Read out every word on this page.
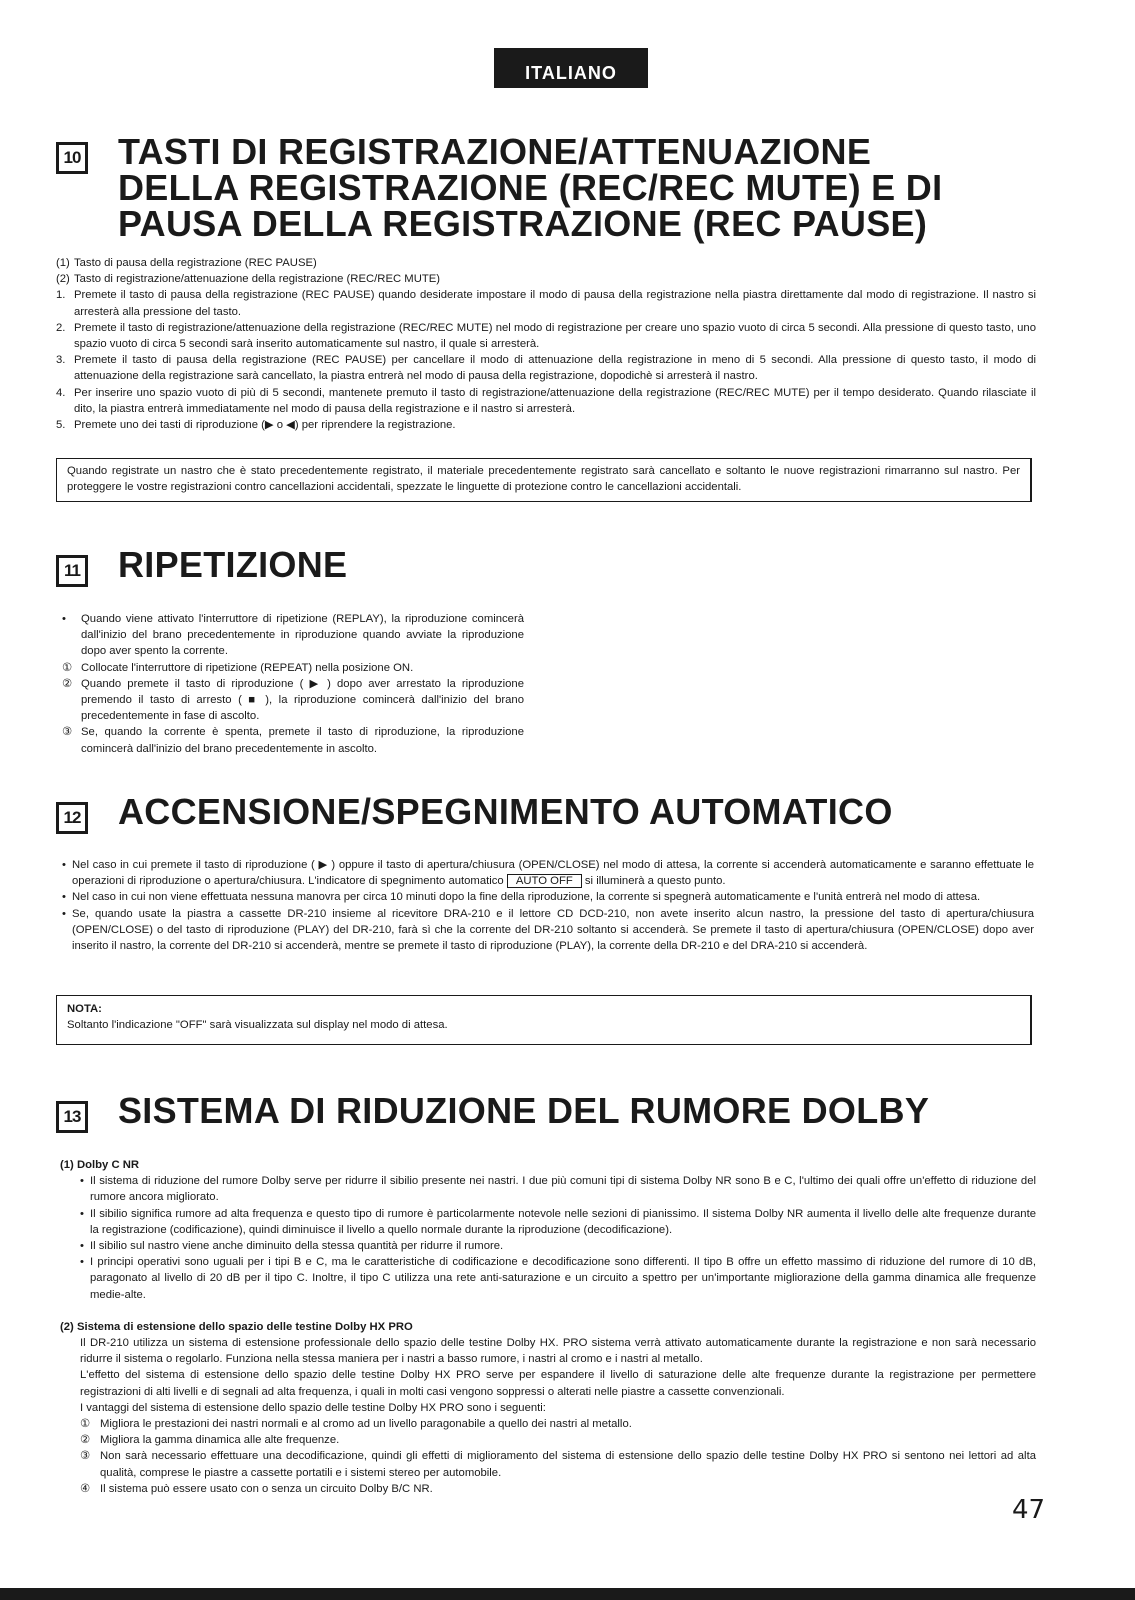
ITALIANO
10 TASTI DI REGISTRAZIONE/ATTENUAZIONE
DELLA REGISTRAZIONE (REC/REC MUTE) E DI
PAUSA DELLA REGISTRAZIONE (REC PAUSE)
(1) Tasto di pausa della registrazione (REC PAUSE)
(2) Tasto di registrazione/attenuazione della registrazione (REC/REC MUTE)
1. Premete il tasto di pausa della registrazione (REC PAUSE) quando desiderate impostare il modo di pausa della registrazione nella piastra direttamente dal modo di registrazione. Il nastro si arresterà alla pressione del tasto.
2. Premete il tasto di registrazione/attenuazione della registrazione (REC/REC MUTE) nel modo di registrazione per creare uno spazio vuoto di circa 5 secondi. Alla pressione di questo tasto, uno spazio vuoto di circa 5 secondi sarà inserito automaticamente sul nastro, il quale si arresterà.
3. Premete il tasto di pausa della registrazione (REC PAUSE) per cancellare il modo di attenuazione della registrazione in meno di 5 secondi. Alla pressione di questo tasto, il modo di attenuazione della registrazione sarà cancellato, la piastra entrerà nel modo di pausa della registrazione, dopodichè si arresterà il nastro.
4. Per inserire uno spazio vuoto di più di 5 secondi, mantenete premuto il tasto di registrazione/attenuazione della registrazione (REC/REC MUTE) per il tempo desiderato. Quando rilasciate il dito, la piastra entrerà immediatamente nel modo di pausa della registrazione e il nastro si arresterà.
5. Premete uno dei tasti di riproduzione (▶ o ◀) per riprendere la registrazione.
Quando registrate un nastro che è stato precedentemente registrato, il materiale precedentemente registrato sarà cancellato e soltanto le nuove registrazioni rimarranno sul nastro. Per proteggere le vostre registrazioni contro cancellazioni accidentali, spezzate le linguette di protezione contro le cancellazioni accidentali.
11 RIPETIZIONE
•	Quando viene attivato l'interruttore di ripetizione (REPLAY), la riproduzione comincerà dall'inizio del brano precedentemente in riproduzione quando avviate la riproduzione dopo aver spento la corrente.
① Collocate l'interruttore di ripetizione (REPEAT) nella posizione ON.
② Quando premete il tasto di riproduzione ( ▶ ) dopo aver arrestato la riproduzione premendo il tasto di arresto ( ■ ), la riproduzione comincerà dall'inizio del brano precedentemente in fase di ascolto.
③ Se, quando la corrente è spenta, premete il tasto di riproduzione, la riproduzione comincerà dall'inizio del brano precedentemente in ascolto.
12 ACCENSIONE/SPEGNIMENTO AUTOMATICO
• Nel caso in cui premete il tasto di riproduzione ( ▶ ) oppure il tasto di apertura/chiusura (OPEN/CLOSE) nel modo di attesa, la corrente si accenderà automaticamente e saranno effettuate le operazioni di riproduzione o apertura/chiusura. L'indicatore di spegnimento automatico AUTO OFF si illuminerà a questo punto.
• Nel caso in cui non viene effettuata nessuna manovra per circa 10 minuti dopo la fine della riproduzione, la corrente si spegnerà automaticamente e l'unità entrerà nel modo di attesa.
• Se, quando usate la piastra a cassette DR-210 insieme al ricevitore DRA-210 e il lettore CD DCD-210, non avete inserito alcun nastro, la pressione del tasto di apertura/chiusura (OPEN/CLOSE) o del tasto di riproduzione (PLAY) del DR-210, farà sì che la corrente del DR-210 soltanto si accenderà. Se premete il tasto di apertura/chiusura (OPEN/CLOSE) dopo aver inserito il nastro, la corrente del DR-210 si accenderà, mentre se premete il tasto di riproduzione (PLAY), la corrente della DR-210 e del DRA-210 si accenderà.
NOTA:
Soltanto l'indicazione "OFF" sarà visualizzata sul display nel modo di attesa.
13 SISTEMA DI RIDUZIONE DEL RUMORE DOLBY
(1) Dolby C NR
• Il sistema di riduzione del rumore Dolby serve per ridurre il sibilio presente nei nastri. I due più comuni tipi di sistema Dolby NR sono B e C, l'ultimo dei quali offre un'effetto di riduzione del rumore ancora migliorato.
• Il sibilio significa rumore ad alta frequenza e questo tipo di rumore è particolarmente notevole nelle sezioni di pianissimo. Il sistema Dolby NR aumenta il livello delle alte frequenze durante la registrazione (codificazione), quindi diminuisce il livello a quello normale durante la riproduzione (decodificazione).
• Il sibilio sul nastro viene anche diminuito della stessa quantità per ridurre il rumore.
• I principi operativi sono uguali per i tipi B e C, ma le caratteristiche di codificazione e decodificazione sono differenti. Il tipo B offre un effetto massimo di riduzione del rumore di 10 dB, paragonato al livello di 20 dB per il tipo C. Inoltre, il tipo C utilizza una rete anti-saturazione e un circuito a spettro per un'importante migliorazione della gamma dinamica alle frequenze medie-alte.
(2) Sistema di estensione dello spazio delle testine Dolby HX PRO
Il DR-210 utilizza un sistema di estensione professionale dello spazio delle testine Dolby HX. PRO sistema verrà attivato automaticamente durante la registrazione e non sarà necessario ridurre il sistema o regolarlo. Funziona nella stessa maniera per i nastri a basso rumore, i nastri al cromo e i nastri al metallo.
L'effetto del sistema di estensione dello spazio delle testine Dolby HX PRO serve per espandere il livello di saturazione delle alte frequenze durante la registrazione per permettere registrazioni di alti livelli e di segnali ad alta frequenza, i quali in molti casi vengono soppressi o alterati nelle piastre a cassette convenzionali.
I vantaggi del sistema di estensione dello spazio delle testine Dolby HX PRO sono i seguenti:
① Migliora le prestazioni dei nastri normali e al cromo ad un livello paragonabile a quello dei nastri al metallo.
② Migliora la gamma dinamica alle alte frequenze.
③ Non sarà necessario effettuare una decodificazione, quindi gli effetti di miglioramento del sistema di estensione dello spazio delle testine Dolby HX PRO si sentono nei lettori ad alta qualità, comprese le piastre a cassette portatili e i sistemi stereo per automobile.
④ Il sistema può essere usato con o senza un circuito Dolby B/C NR.
47
